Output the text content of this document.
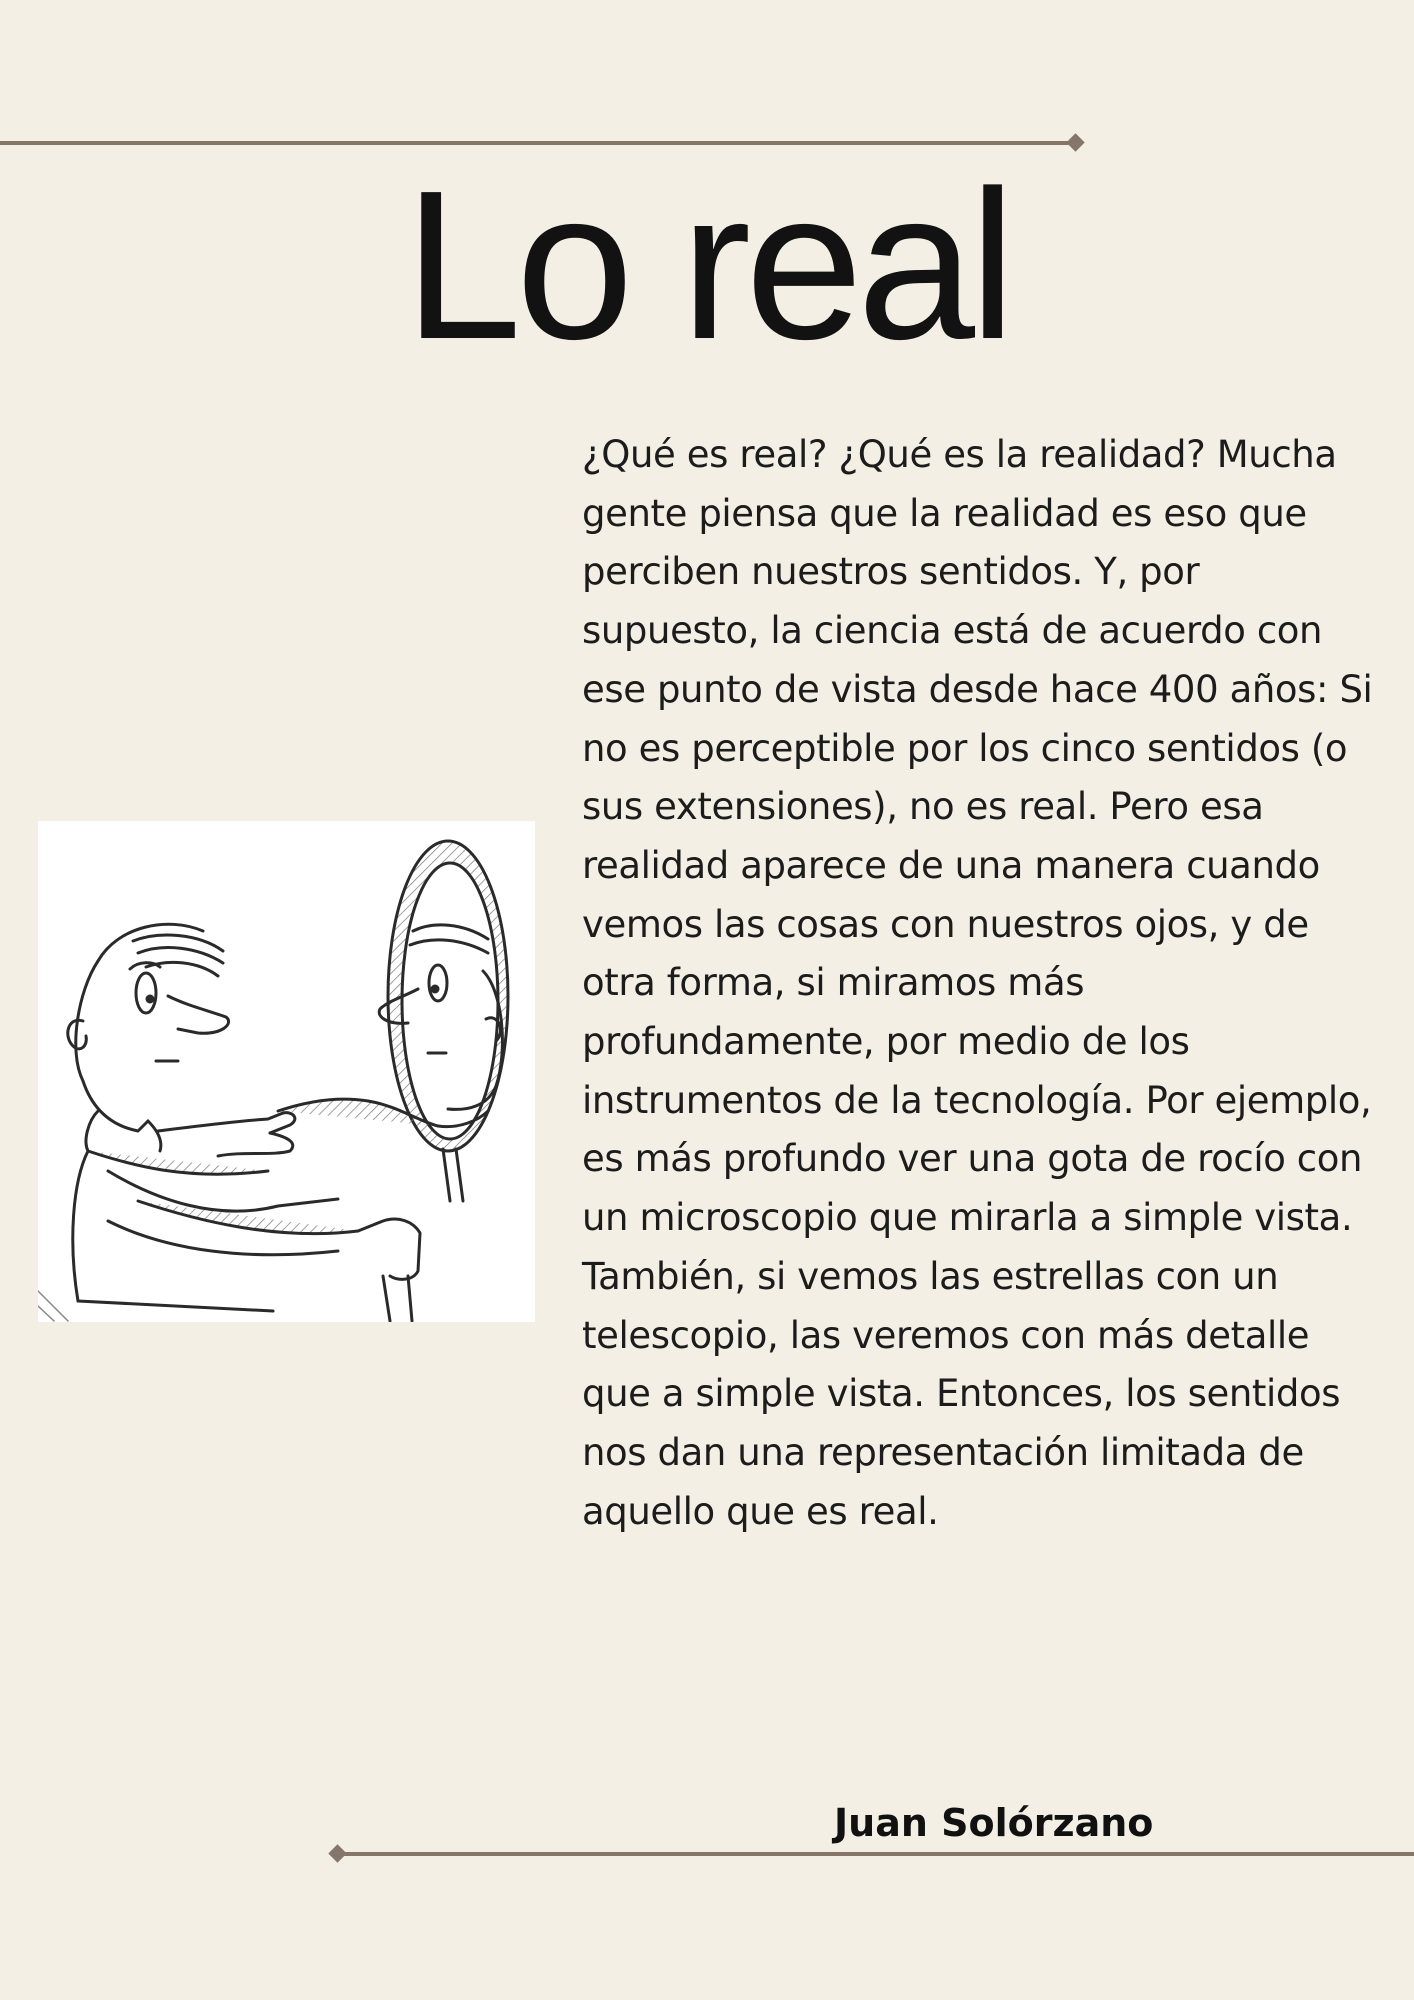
Lo real

¿Qué es real? ¿Qué es la realidad? Mucha gente piensa que la realidad es eso que perciben nuestros sentidos. Y, por supuesto, la ciencia está de acuerdo con ese punto de vista desde hace 400 años: Si no es perceptible por los cinco sentidos (o sus extensiones), no es real. Pero esa realidad aparece de una manera cuando vemos las cosas con nuestros ojos, y de otra forma, si miramos más profundamente, por medio de los instrumentos de la tecnología. Por ejemplo, es más profundo ver una gota de rocío con un microscopio que mirarla a simple vista.

También, si vemos las estrellas con un telescopio, las veremos con más detalle que a simple vista. Entonces, los sentidos nos dan una representación limitada de aquello que es real.

Juan Solórzano
